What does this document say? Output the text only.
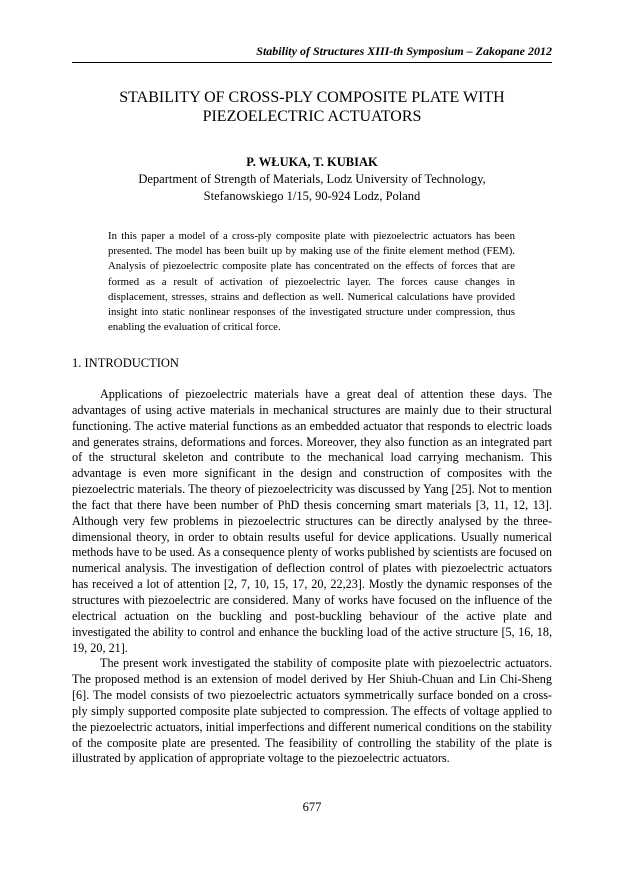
Stability of Structures XIII-th Symposium – Zakopane 2012
STABILITY OF CROSS-PLY COMPOSITE PLATE WITH
PIEZOELECTRIC ACTUATORS
P. WŁUKA, T. KUBIAK
Department of Strength of Materials, Lodz University of Technology,
Stefanowskiego 1/15, 90-924 Lodz, Poland

In this paper a model of a cross-ply composite plate with piezoelectric actuators has been presented. The model has been built up by making use of the finite element method (FEM). Analysis of piezoelectric composite plate has concentrated on the effects of forces that are formed as a result of activation of piezoelectric layer. The forces cause changes in displacement, stresses, strains and deflection as well. Numerical calculations have provided insight into static nonlinear responses of the investigated structure under compression, thus enabling the evaluation of critical force.

1. INTRODUCTION

Applications of piezoelectric materials have a great deal of attention these days. The advantages of using active materials in mechanical structures are mainly due to their structural functioning. The active material functions as an embedded actuator that responds to electric loads and generates strains, deformations and forces. Moreover, they also function as an integrated part of the structural skeleton and contribute to the mechanical load carrying mechanism. This advantage is even more significant in the design and construction of composites with the piezoelectric materials. The theory of piezoelectricity was discussed by Yang [25]. Not to mention the fact that there have been number of PhD thesis concerning smart materials [3, 11, 12, 13]. Although very few problems in piezoelectric structures can be directly analysed by the three-dimensional theory, in order to obtain results useful for device applications. Usually numerical methods have to be used. As a consequence plenty of works published by scientists are focused on numerical analysis. The investigation of deflection control of plates with piezoelectric actuators has received a lot of attention [2, 7, 10, 15, 17, 20, 22,23]. Mostly the dynamic responses of the structures with piezoelectric are considered. Many of works have focused on the influence of the electrical actuation on the buckling and post-buckling behaviour of the active plate and investigated the ability to control and enhance the buckling load of the active structure [5, 16, 18, 19, 20, 21].

The present work investigated the stability of composite plate with piezoelectric actuators. The proposed method is an extension of model derived by Her Shiuh-Chuan and Lin Chi-Sheng [6]. The model consists of two piezoelectric actuators symmetrically surface bonded on a cross-ply simply supported composite plate subjected to compression. The effects of voltage applied to the piezoelectric actuators, initial imperfections and different numerical conditions on the stability of the composite plate are presented. The feasibility of controlling the stability of the plate is illustrated by application of appropriate voltage to the piezoelectric actuators.

677
